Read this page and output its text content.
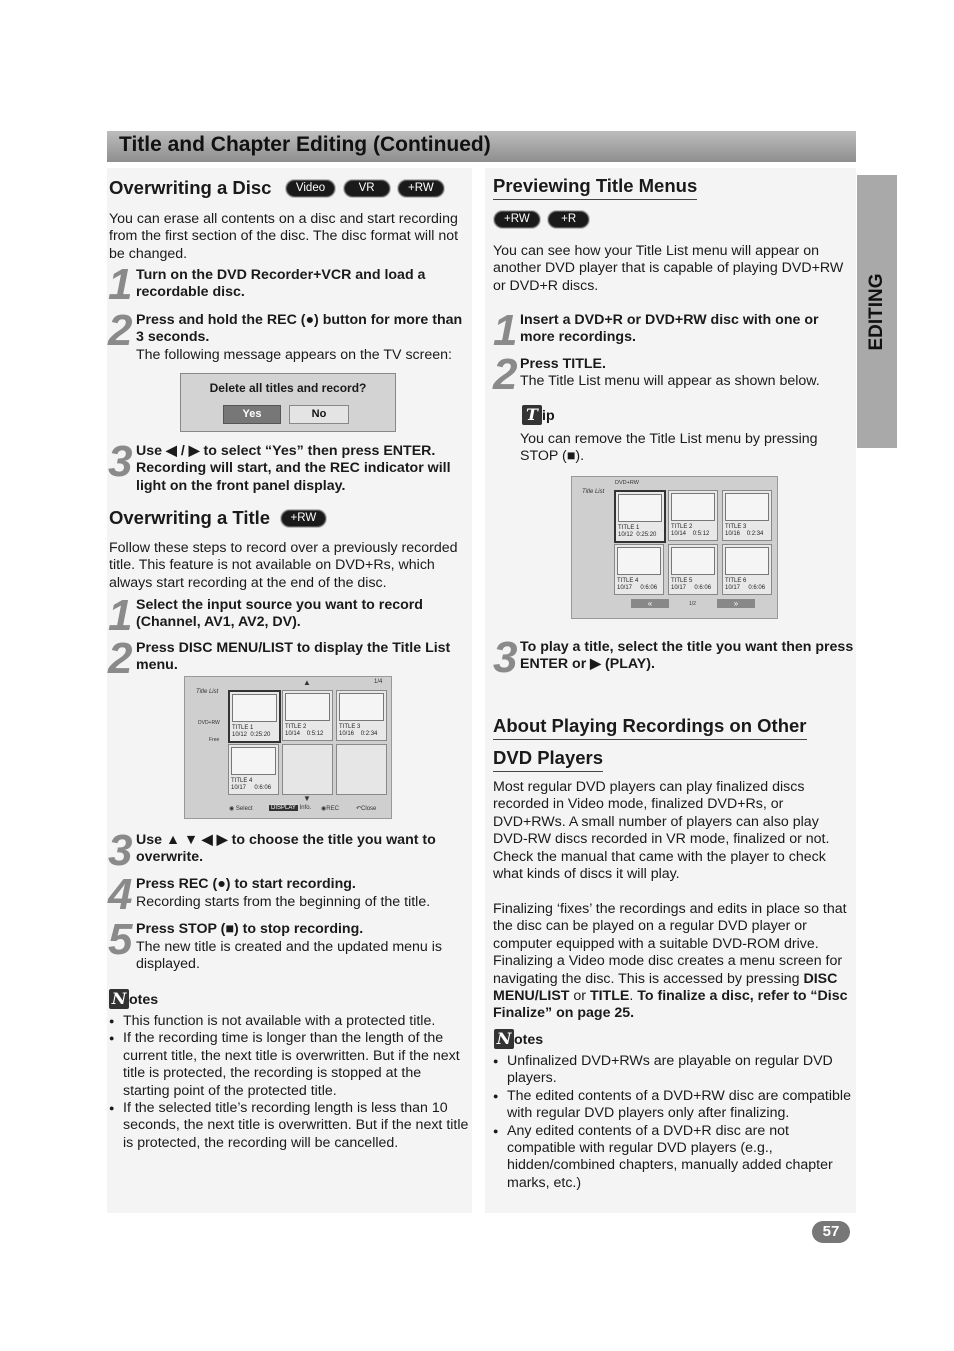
Title and Chapter Editing (Continued)
EDITING
Overwriting a Disc Video	VR	+RW
You can erase all contents on a disc and start recording from the first section of the disc. The disc format will not be changed.
1 Turn on the DVD Recorder+VCR and load a recordable disc.
2 Press and hold the REC (●) button for more than 3 seconds.
The following message appears on the TV screen:
Delete all titles and record?
Yes	No
3 Use ◀ / ▶ to select “Yes” then press ENTER. Recording will start, and the REC indicator will light on the front panel display.
Overwriting a Title +RW
Follow these steps to record over a previously recorded title. This feature is not available on DVD+Rs, which always start recording at the end of the disc.
1 Select the input source you want to record (Channel, AV1, AV2, DV).
2 Press DISC MENU/LIST to display the Title List menu.
Title List
1/4
▲
DVD+RW
Free
TITLE 1
10/12 0:25:20
TITLE 2
10/14 0:5:12
TITLE 3
10/16 0:2:34
TITLE 4
10/17 0:6:06
▼
◉ Select	DISPLAY Info. ◉REC	↶Close
3 Use ▲ ▼ ◀ ▶ to choose the title you want to overwrite.
4 Press REC (●) to start recording.
Recording starts from the beginning of the title.
5 Press STOP (■) to stop recording.
The new title is created and the updated menu is displayed.
N otes
● This function is not available with a protected title.
● If the recording time is longer than the length of the current title, the next title is overwritten. But if the next title is protected, the recording is stopped at the starting point of the protected title.
● If the selected title’s recording length is less than 10 seconds, the next title is overwritten. But if the next title is protected, the recording will be cancelled.
Previewing Title Menus
+RW	+R
You can see how your Title List menu will appear on another DVD player that is capable of playing DVD+RW or DVD+R discs.
1 Insert a DVD+R or DVD+RW disc with one or more recordings.
2 Press TITLE.
The Title List menu will appear as shown below.
T ip
You can remove the Title List menu by pressing STOP (■).
Title List
DVD+RW
TITLE 1
10/12 0:25:20
TITLE 2
10/14 0:5:12
TITLE 3
10/16 0:2:34
TITLE 4
10/17 0:6:06
TITLE 5
10/17 0:6:06
TITLE 6
10/17 0:6:06
«	1/2	»
3 To play a title, select the title you want then press ENTER or ▶ (PLAY).
About Playing Recordings on Other
DVD Players
Most regular DVD players can play finalized discs recorded in Video mode, finalized DVD+Rs, or DVD+RWs. A small number of players can also play DVD-RW discs recorded in VR mode, finalized or not. Check the manual that came with the player to check what kinds of discs it will play.
Finalizing ‘fixes’ the recordings and edits in place so that the disc can be played on a regular DVD player or computer equipped with a suitable DVD-ROM drive. Finalizing a Video mode disc creates a menu screen for navigating the disc. This is accessed by pressing DISC MENU/LIST or TITLE. To finalize a disc, refer to “Disc Finalize” on page 25.
N otes
● Unfinalized DVD+RWs are playable on regular DVD players.
● The edited contents of a DVD+RW disc are compatible with regular DVD players only after finalizing.
● Any edited contents of a DVD+R disc are not compatible with regular DVD players (e.g., hidden/combined chapters, manually added chapter marks, etc.)
57
